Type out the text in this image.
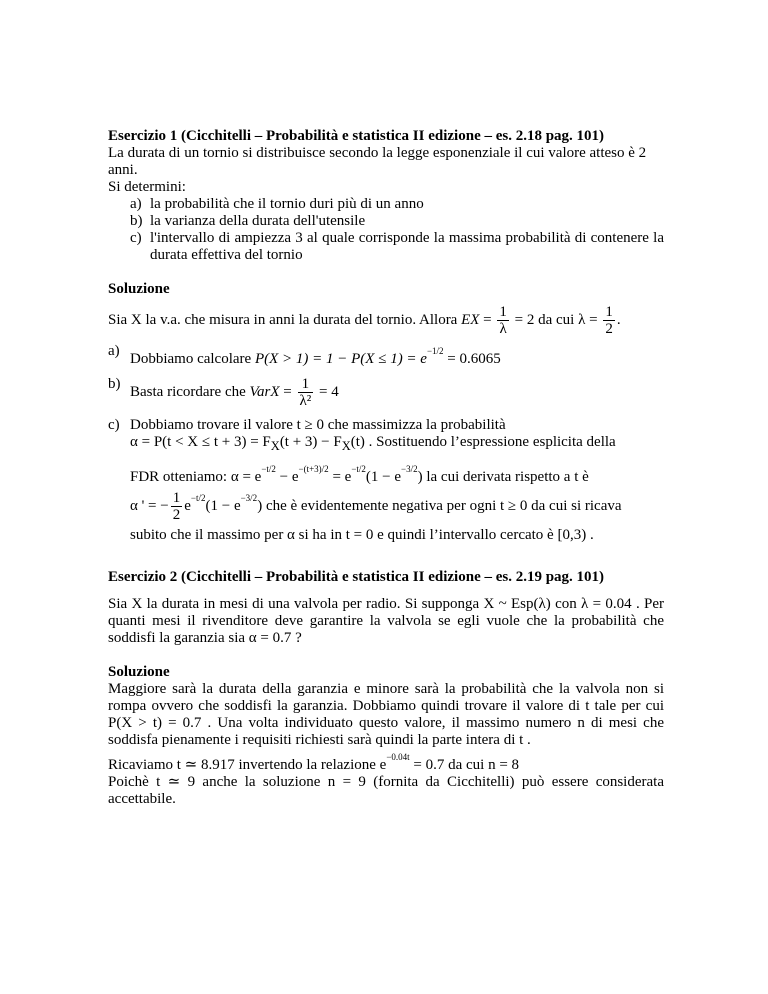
Esercizio 1 (Cicchitelli – Probabilità e statistica II edizione – es. 2.18 pag. 101)

La durata di un tornio si distribuisce secondo la legge esponenziale il cui valore atteso è 2 anni.

Si determini:

a) la probabilità che il tornio duri più di un anno
b) la varianza della durata dell'utensile
c) l'intervallo di ampiezza 3 al quale corrisponde la massima probabilità di contenere la durata effettiva del tornio

Soluzione

Sia X la v.a. che misura in anni la durata del tornio. Allora EX = $\frac{1}{\lambda} = 2$ da cui $\lambda = \frac{1}{2}$ .

a) Dobbiamo calcolare $P(X > 1) = 1 - P(X \le 1) = e^{-1/2} = 0.6065$
b) Basta ricordare che VarX = $\frac{1}{\text{λ²}} = 4$
c) Dobbiamo trovare il valore t ≥ 0 che massimizza la probabilità
$\alpha = P(t < X \le t + 3) = F_X(t + 3) - F_X(t)$ . Sostituendo l’espressione esplicita della
FDR otteniamo: $\alpha = e^{-t/2} - e^{-(t+3)/2} = e^{-t/2}(1 - e^{-3/2})$ la cui derivata rispetto a t è
α ' = − $\frac{1}{2} e^{-t/2}(1 - e^{-3/2})$ che è evidentemente negativa per ogni t ≥ 0 da cui si ricava
subito che il massimo per α si ha in t = 0 e quindi l’intervallo cercato è [0,3) .

Esercizio 2 (Cicchitelli – Probabilità e statistica II edizione – es. 2.19 pag. 101)

Sia X la durata in mesi di una valvola per radio. Si supponga X ~ Esp(λ) con λ = 0.04 . Per quanti mesi il rivenditore deve garantire la valvola se egli vuole che la probabilità che soddisfi la garanzia sia α = 0.7 ?

Soluzione

Maggiore sarà la durata della garanzia e minore sarà la probabilità che la valvola non si rompa ovvero che soddisfi la garanzia. Dobbiamo quindi trovare il valore di t tale per cui P(X > t) = 0.7 . Una volta individuato questo valore, il massimo numero n di mesi che soddisfa pienamente i requisiti richiesti sarà quindi la parte intera di t .

Ricaviamo t ≃ 8.917 invertendo la relazione $e^{-0.04t} = 0.7$ da cui n = 8

Poichè t ≃ 9 anche la soluzione n = 9 (fornita da Cicchitelli) può essere considerata accettabile.
